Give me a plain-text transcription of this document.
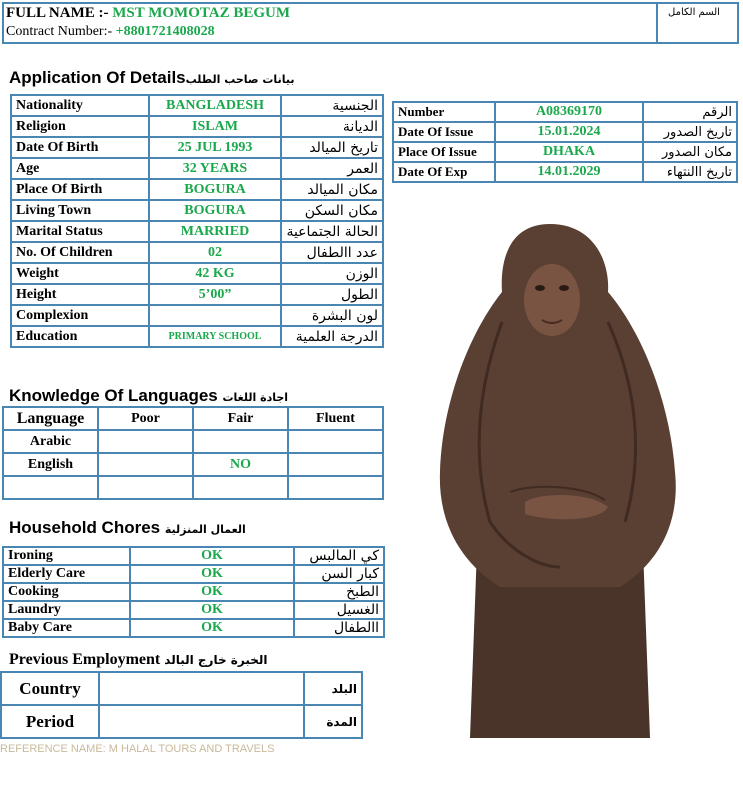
FULL NAME :- MST MOMOTAZ BEGUM
Contract Number:- +8801721408028
السم الكامل
Application Of Detailsبيانات صاحب الطلب
Nationality	BANGLADESH	الجنسية
Religion	ISLAM	الديانة
Date Of Birth	25 JUL 1993	تاريخ الميالد
Age	32 YEARS	العمر
Place Of Birth	BOGURA	مكان الميالد
Living Town	BOGURA	مكان السكن
Marital Status	MARRIED	الحالة الجتماعية
No. Of Children	02	عدد االطفال
Weight	42 KG	الوزن
Height	5’00”	الطول
Complexion		لون البشرة
Education	PRIMARY SCHOOL	الدرجة العلمية
Number	A08369170	الرقم
Date Of Issue	15.01.2024	تاريخ الصدور
Place Of Issue	DHAKA	مكان الصدور
Date Of Exp	14.01.2029	تاريخ االنتهاء
Knowledge Of Languages اجادة اللغات
Language	Poor	Fair	Fluent
Arabic			
English		NO	

Household Chores العمال المنزلية
Ironing	OK	كي المالبس
Elderly Care	OK	كبار السن
Cooking	OK	الطبخ
Laundry	OK	الغسيل
Baby Care	OK	االطفال
Previous Employment الخبرة خارج البالد
Country		البلد
Period		المدة
REFERENCE NAME: M HALAL TOURS AND TRAVELS
